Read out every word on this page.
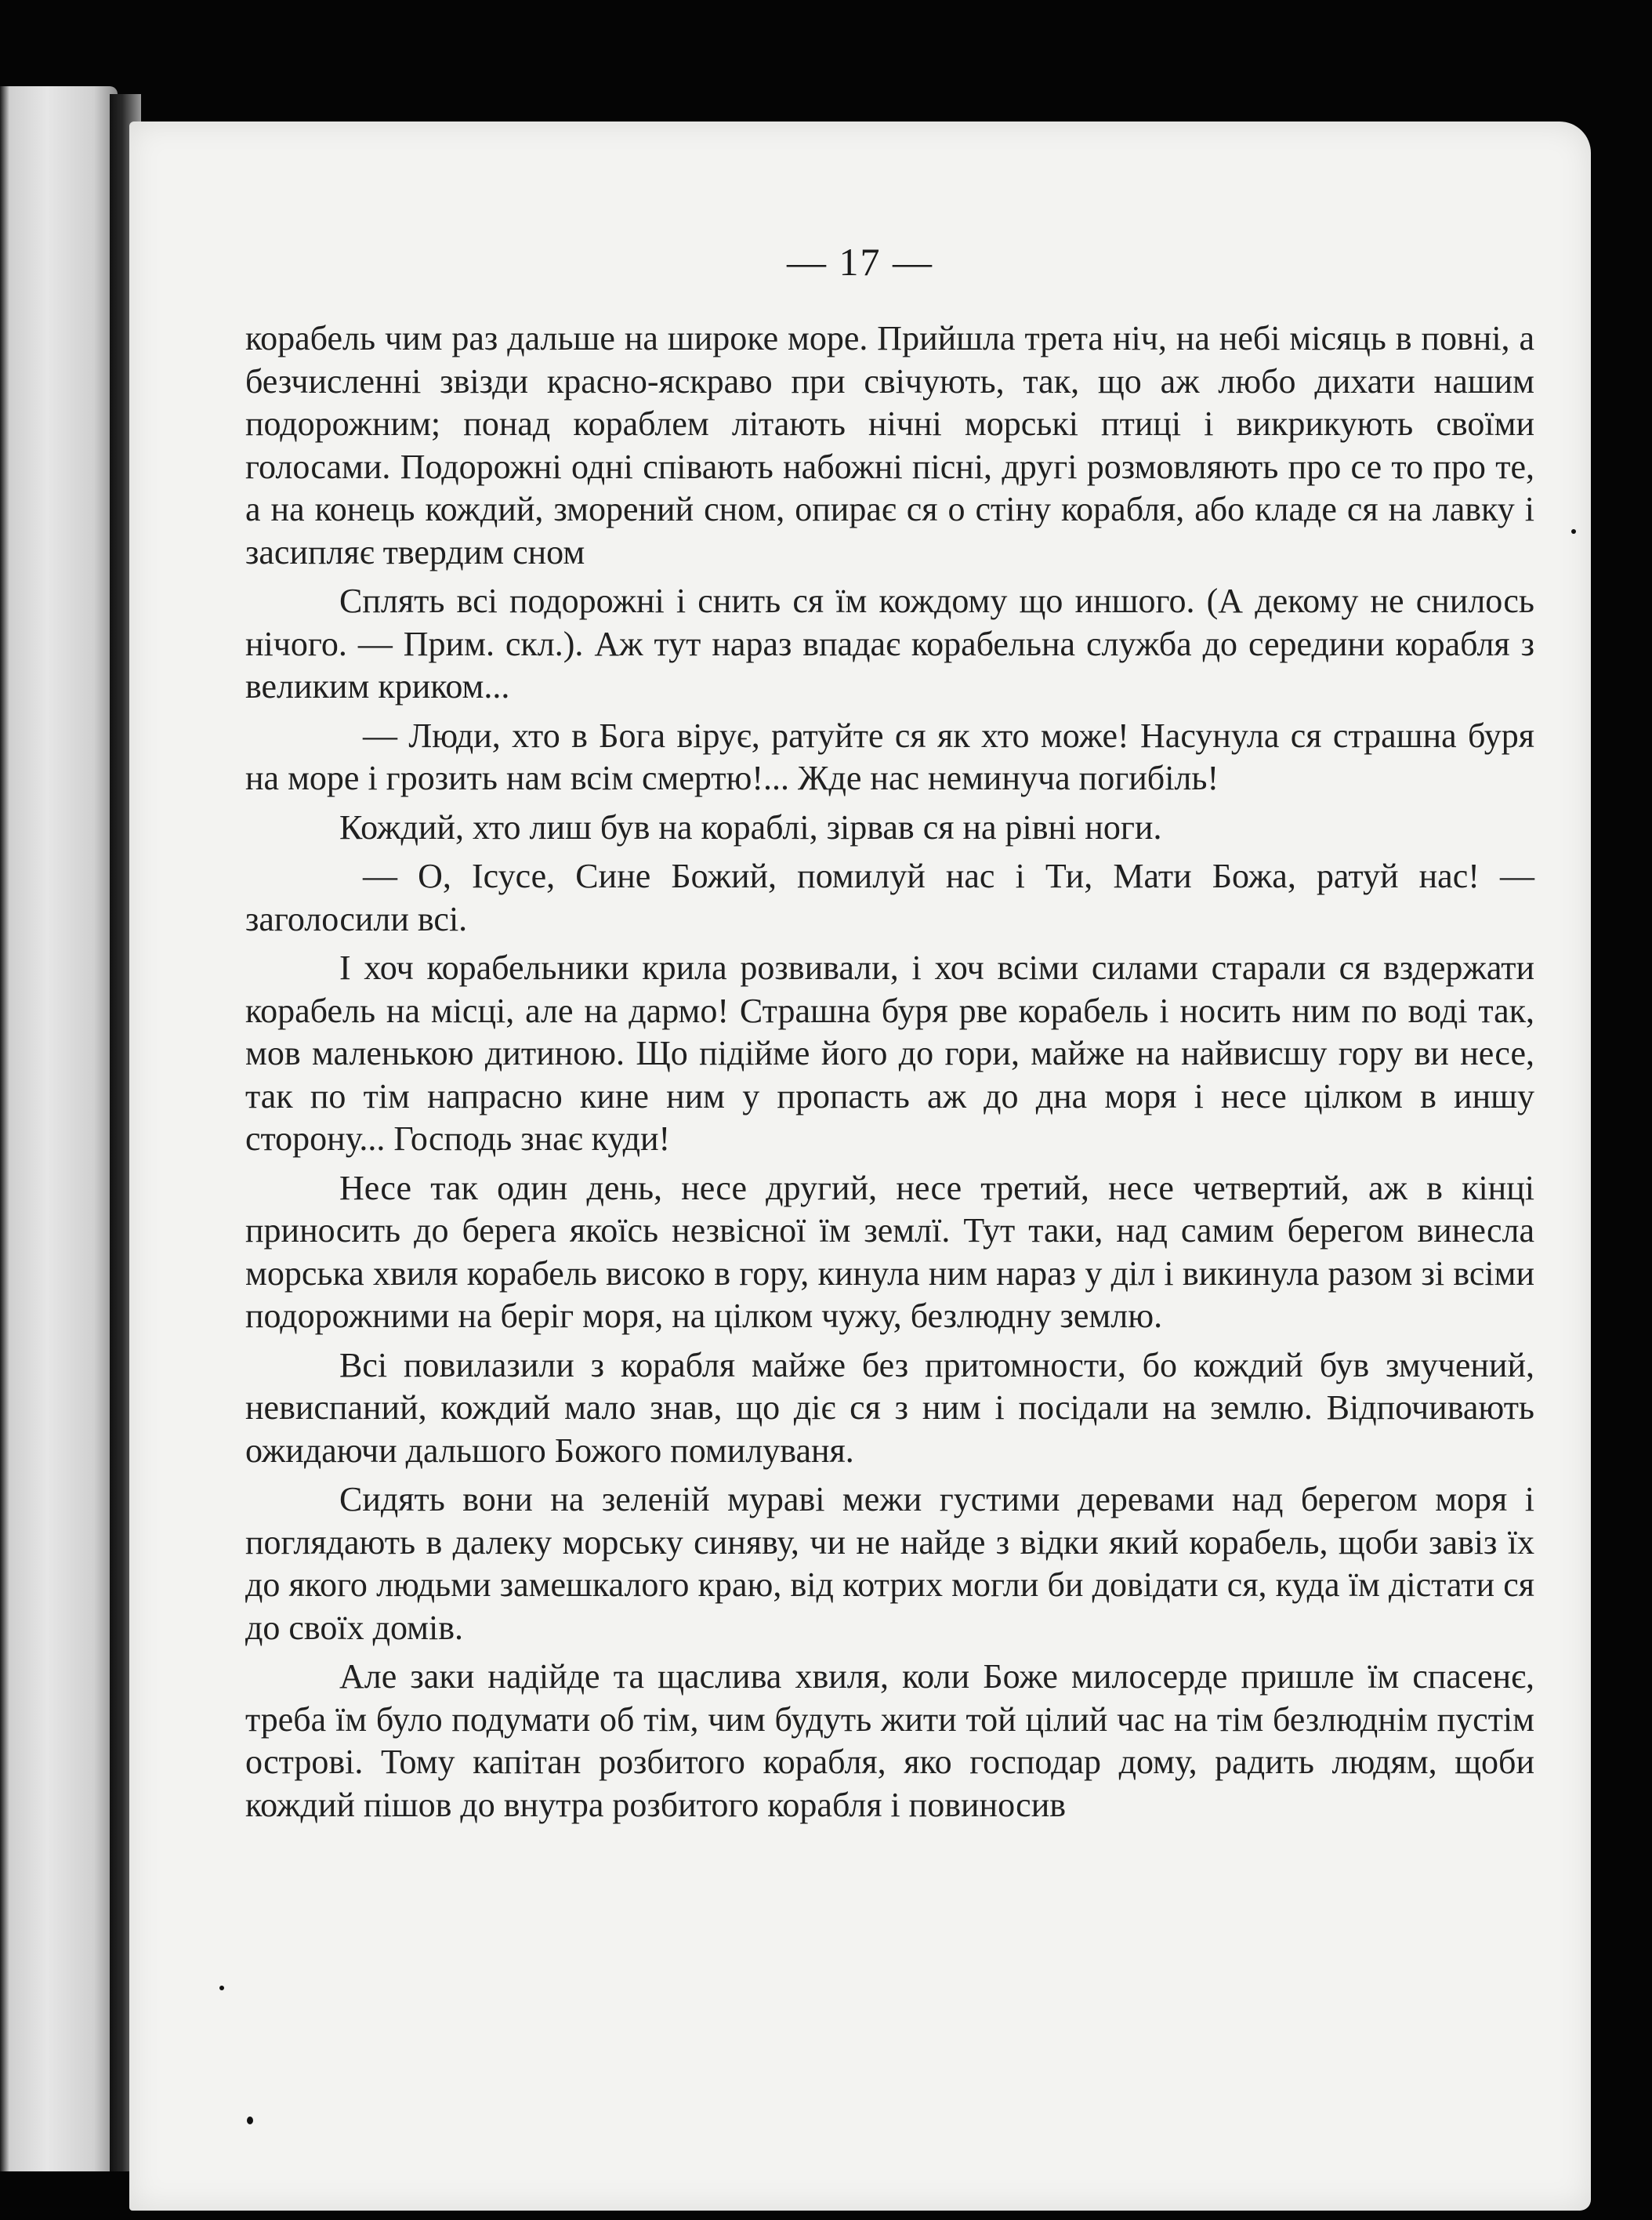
— 17 —

корабель чим раз дальше на широке море. Прийшла трета ніч, на небі місяць в повні, а безчисленні звізди красно-яскраво при свічують, так, що аж любо дихати нашим подорожним; понад кораблем літають нічні морські птиці і викрикують своїми голосами. Подорожні одні співають набожні пісні, другі розмовляють про се то про те, а на конець кождий, зморений сном, опирає ся о стіну корабля, або кладе ся на лавку і засипляє твердим сном

Сплять всі подорожні і снить ся їм кождому що иншого. (А декому не снилось нічого. — Прим. скл.). Аж тут нараз впадає корабельна служба до середини корабля з великим криком...

— Люди, хто в Бога вірує, ратуйте ся як хто може! Насунула ся страшна буря на море і грозить нам всім смертю!... Жде нас неминуча погибіль!

Кождий, хто лиш був на кораблі, зірвав ся на рівні ноги.

— О, Ісусе, Сине Божий, помилуй нас і Ти, Мати Божа, ратуй нас! — заголосили всі.

І хоч корабельники крила розвивали, і хоч всіми силами старали ся вздержати корабель на місці, але на дармо! Страшна буря рве корабель і носить ним по воді так, мов маленькою дитиною. Що підійме його до гори, майже на найвисшу гору ви несе, так по тім напрасно кине ним у пропасть аж до дна моря і несе цілком в иншу сторону... Господь знає куди!

Несе так один день, несе другий, несе третий, несе четвертий, аж в кінці приносить до берега якоїсь незвісної їм землї. Тут таки, над самим берегом винесла морська хвиля корабель високо в гору, кинула ним нараз у діл і викинула разом зі всіми подорожними на беріг моря, на цілком чужу, безлюдну землю.

Всі повилазили з корабля майже без притомности, бо кождий був змучений, невиспаний, кождий мало знав, що діє ся з ним і посідали на землю. Відпочивають ожидаючи дальшого Божого помилуваня.

Сидять вони на зеленій мураві межи густими деревами над берегом моря і поглядають в далеку морську синяву, чи не найде з відки який корабель, щоби завіз їх до якого людьми замешкалого краю, від котрих могли би довідати ся, куда їм дістати ся до своїх домів.

Але заки надійде та щаслива хвиля, коли Боже милосерде пришле їм спасенє, треба їм було подумати об тім, чим будуть жити той цілий час на тім безлюднім пустім острові. Тому капітан розбитого корабля, яко господар дому, радить людям, щоби кождий пішов до внутра розбитого корабля і повиносив
